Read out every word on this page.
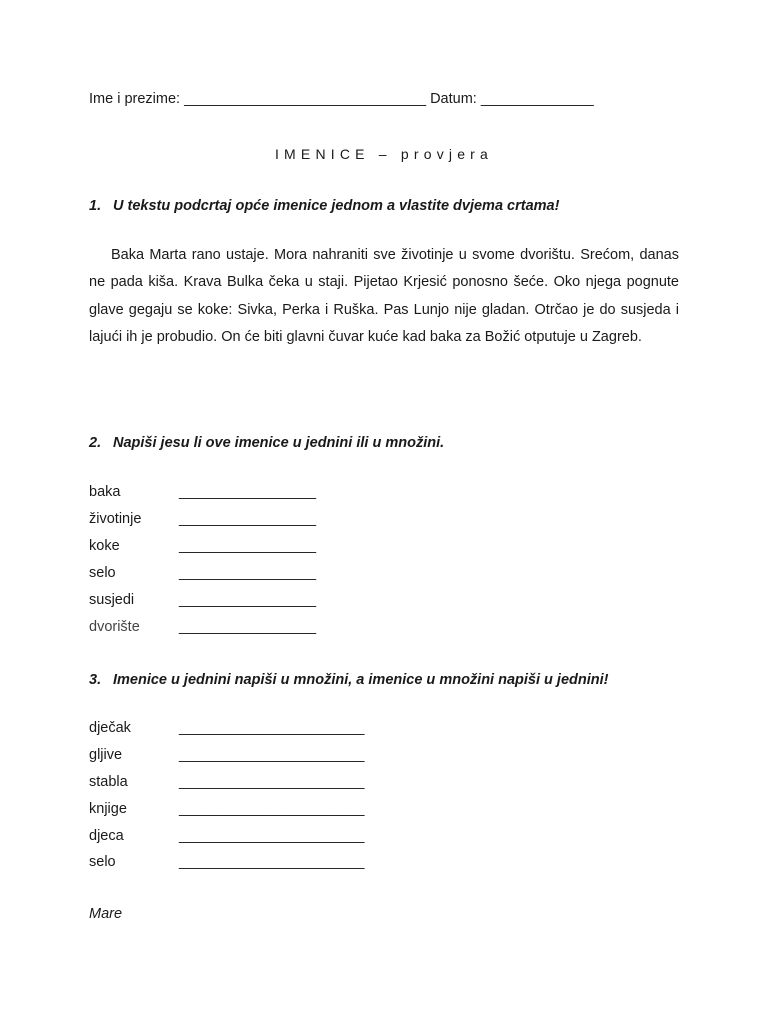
Ime i prezime: ______________________________ Datum: ______________
IMENICE – provjera
1. U tekstu podcrtaj opće imenice jednom a vlastite dvjema crtama!

Baka Marta rano ustaje. Mora nahraniti sve životinje u svome dvorištu. Srećom, danas ne pada kiša. Krava Bulka čeka u staji. Pijetao Krjesić ponosno šeće. Oko njega pognute glave gegaju se koke: Sivka, Perka i Ruška. Pas Lunjo nije gladan. Otrčao je do susjeda i lajući ih je probudio. On će biti glavni čuvar kuće kad baka za Božić otputuje u Zagreb.

2. Napiši jesu li ove imenice u jednini ili u množini.
baka	_________________
životinje	_________________
koke	_________________
selo	_________________
susjedi	_________________
dvorište	_________________
3. Imenice u jednini napiši u množini, a imenice u množini napiši u jednini!
dječak	_______________________
gljive	_______________________
stabla	_______________________
knjige	_______________________
djeca	_______________________
selo	_______________________
Mare
